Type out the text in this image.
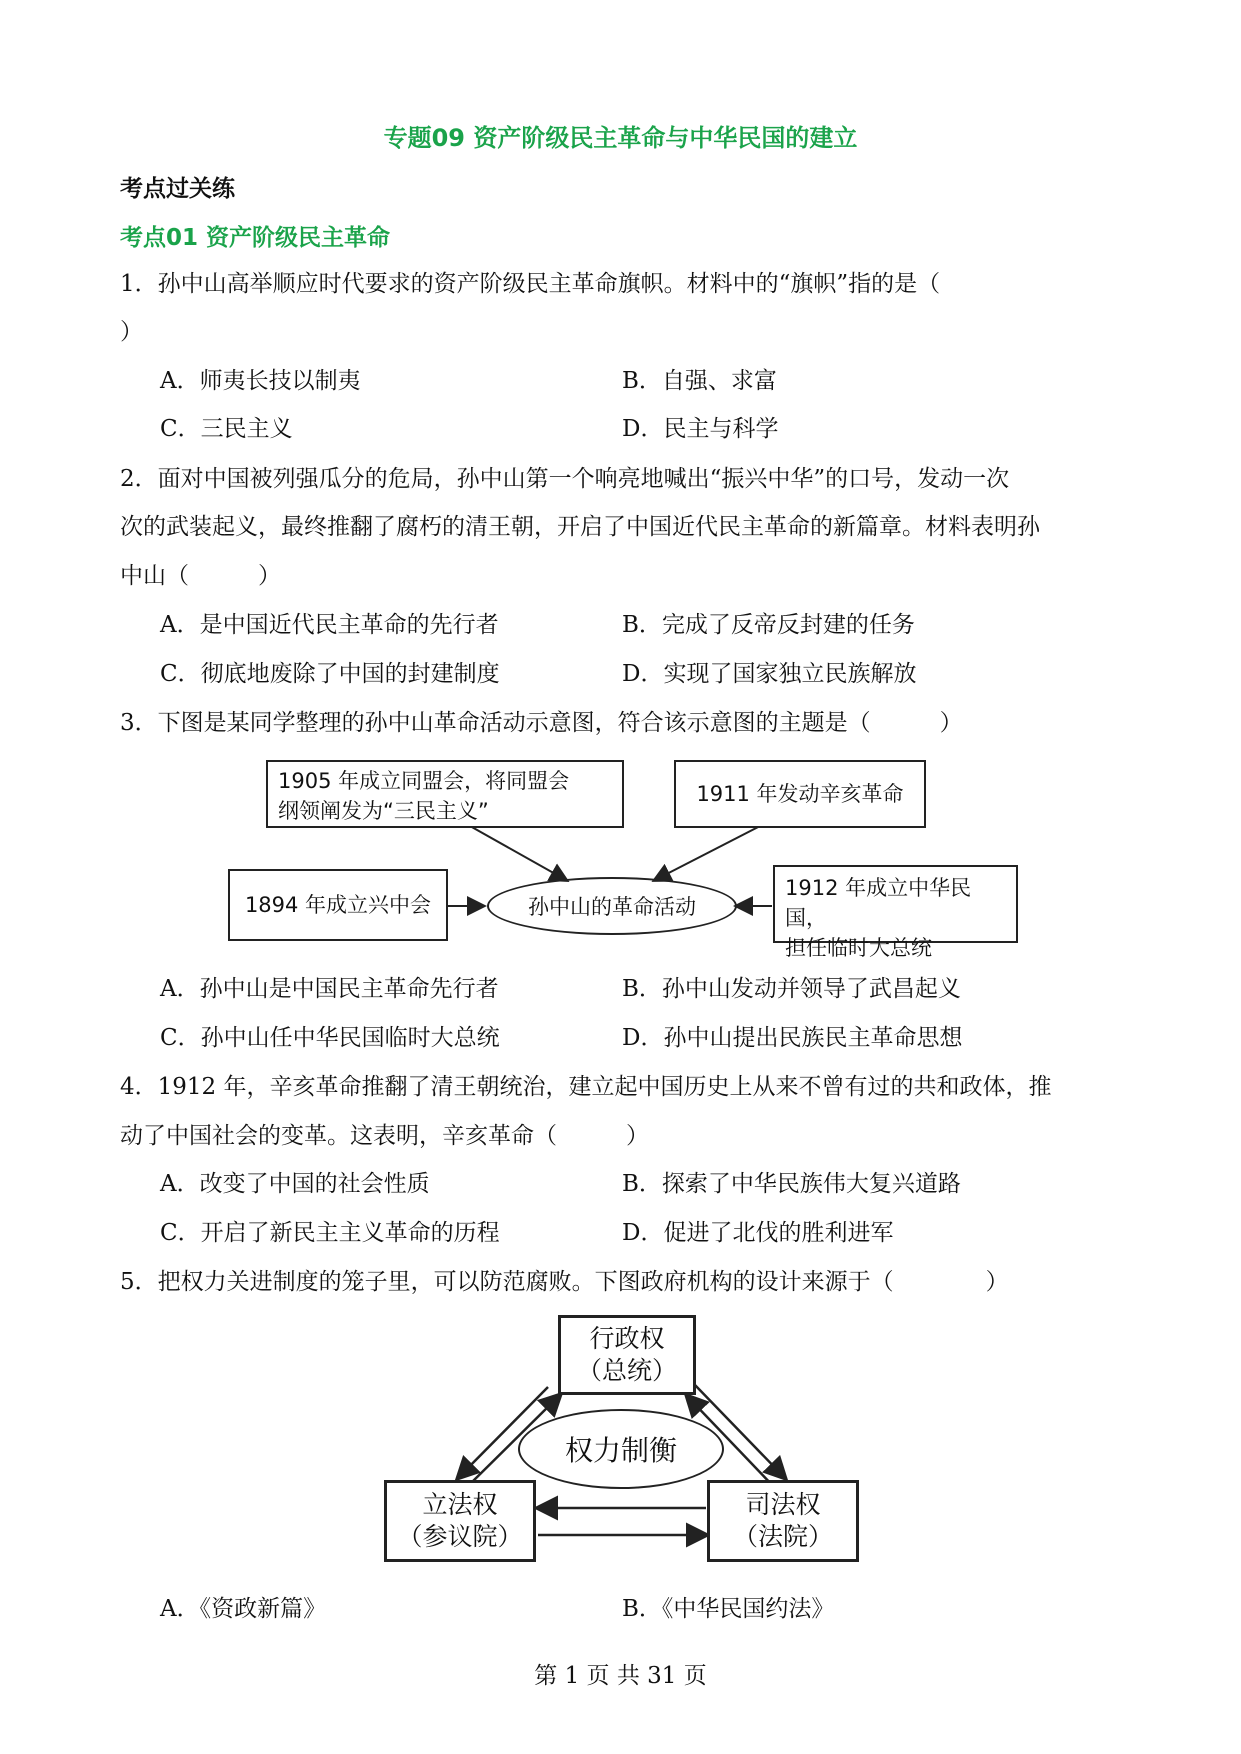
专题09 资产阶级民主革命与中华民国的建立
考点过关练
考点01 资产阶级民主革命
1．孙中山高举顺应时代要求的资产阶级民主革命旗帜。材料中的“旗帜”指的是（
）
A．师夷长技以制夷	B．自强、求富
C．三民主义	D．民主与科学
2．面对中国被列强瓜分的危局，孙中山第一个响亮地喊出“振兴中华”的口号，发动一次
次的武装起义，最终推翻了腐朽的清王朝，开启了中国近代民主革命的新篇章。材料表明孙
中山（　　　）
A．是中国近代民主革命的先行者	B．完成了反帝反封建的任务
C．彻底地废除了中国的封建制度	D．实现了国家独立民族解放
3．下图是某同学整理的孙中山革命活动示意图，符合该示意图的主题是（　　　）
1905 年成立同盟会，将同盟会
纲领阐发为“三民主义”
1911 年发动辛亥革命
1894 年成立兴中会	孙中山的革命活动
1912 年成立中华民国，
担任临时大总统
A．孙中山是中国民主革命先行者	B．孙中山发动并领导了武昌起义
C．孙中山任中华民国临时大总统	D．孙中山提出民族民主革命思想
4．1912 年，辛亥革命推翻了清王朝统治，建立起中国历史上从来不曾有过的共和政体，推
动了中国社会的变革。这表明，辛亥革命（　　　）
A．改变了中国的社会性质	B．探索了中华民族伟大复兴道路
C．开启了新民主主义革命的历程	D．促进了北伐的胜利进军
5．把权力关进制度的笼子里，可以防范腐败。下图政府机构的设计来源于（　　　　）
行政权
（总统）
权力制衡
立法权
（参议院）
司法权
（法院）
A．《资政新篇》	B．《中华民国约法》
第 1 页 共 31 页
